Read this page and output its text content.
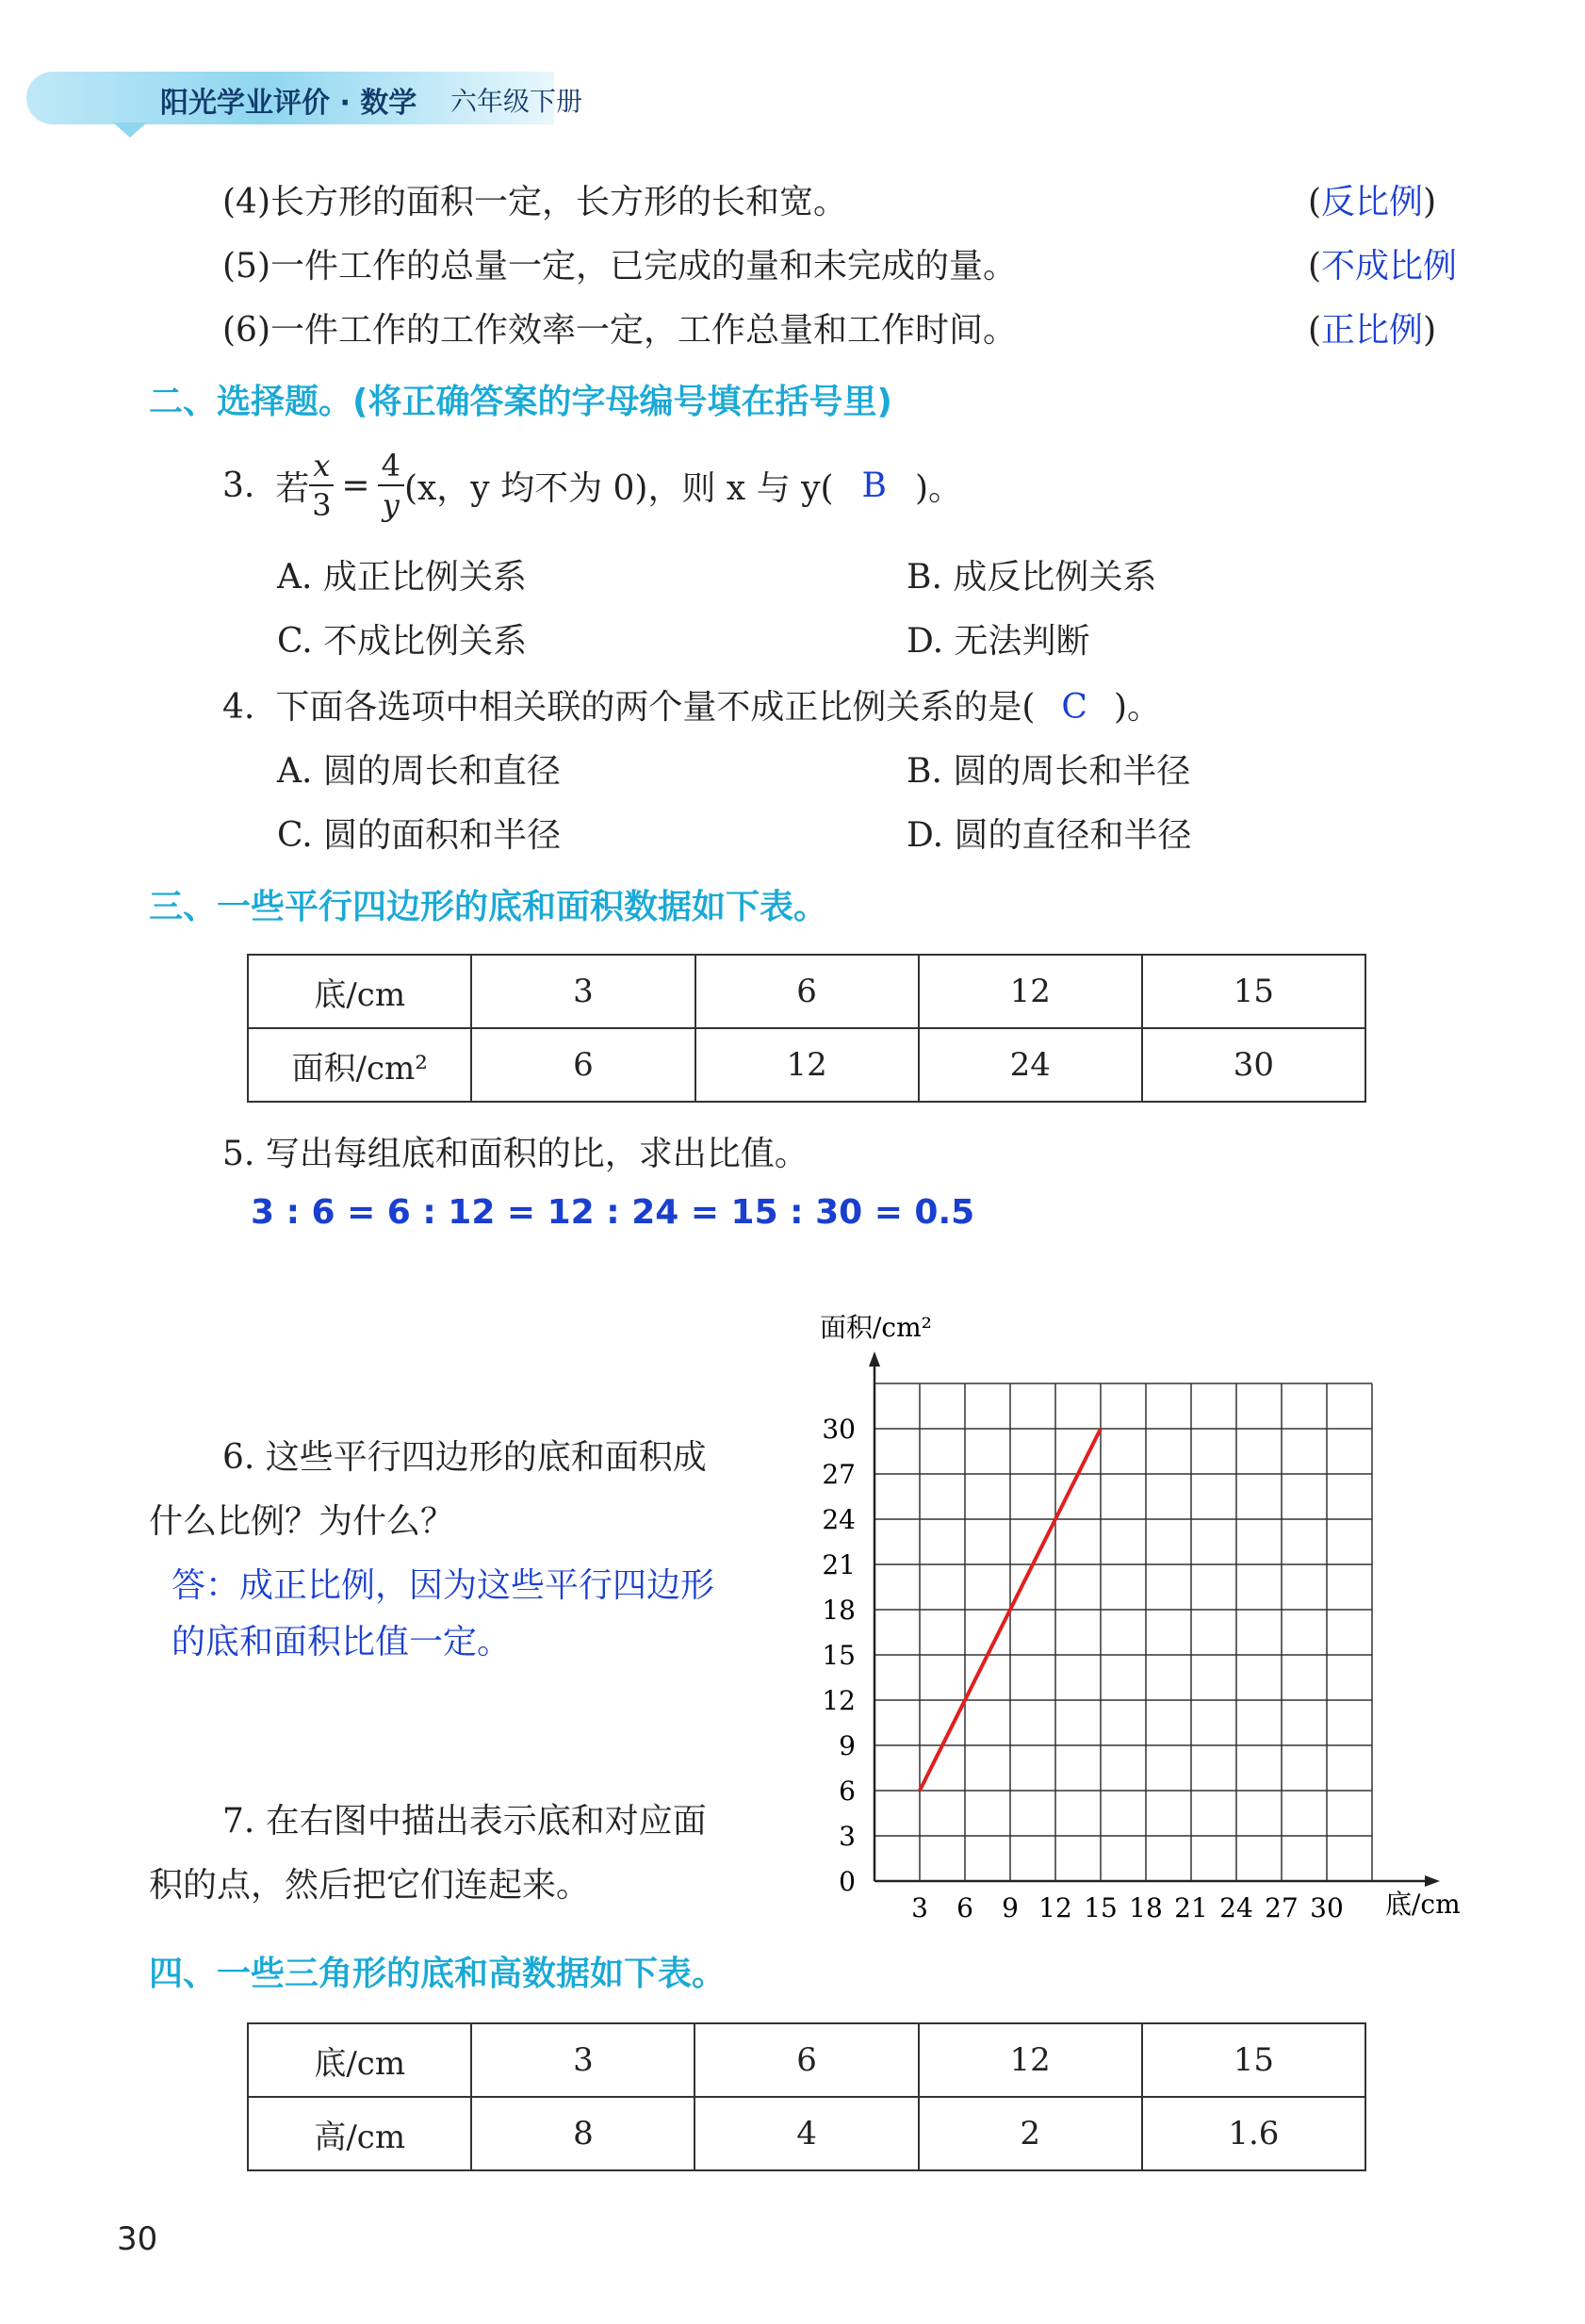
阳光学业评价 · 数学 六年级下册
(4)长方形的面积一定，长方形的长和宽。	(反比例)
(5)一件工作的总量一定，已完成的量和未完成的量。	(不成比例
(6)一件工作的工作效率一定，工作总量和工作时间。	(正比例)
二、选择题。(将正确答案的字母编号填在括号里)
3. 若 $\frac{x}{3} = \frac{4}{y} (x$，y 均不为 0)，则 x 与 y( B )。
A. 成正比例关系	B. 成反比例关系
C. 不成比例关系	D. 无法判断
4. 下面各选项中相关联的两个量不成正比例关系的是( C )。
A. 圆的周长和直径	B. 圆的周长和半径
C. 圆的面积和半径	D. 圆的直径和半径
三、一些平行四边形的底和面积数据如下表。
底/cm	3	6	12	15
面积/cm²	6	12	24	30
5. 写出每组底和面积的比，求出比值。
3 : 6 = 6 : 12 = 12 : 24 = 15 : 30 = 0.5
6. 这些平行四边形的底和面积成
什么比例？为什么？
答：成正比例，因为这些平行四边形
的底和面积比值一定。
7. 在右图中描出表示底和对应面
积的点，然后把它们连起来。
面积/cm²
底/cm
3 6 9 12 15 18 21 24 27 30
0
3
6
9
12
15
18
21
24
27
30
四、一些三角形的底和高数据如下表。
底/cm	3	6	12	15
高/cm	8	4	2	1.6
30
